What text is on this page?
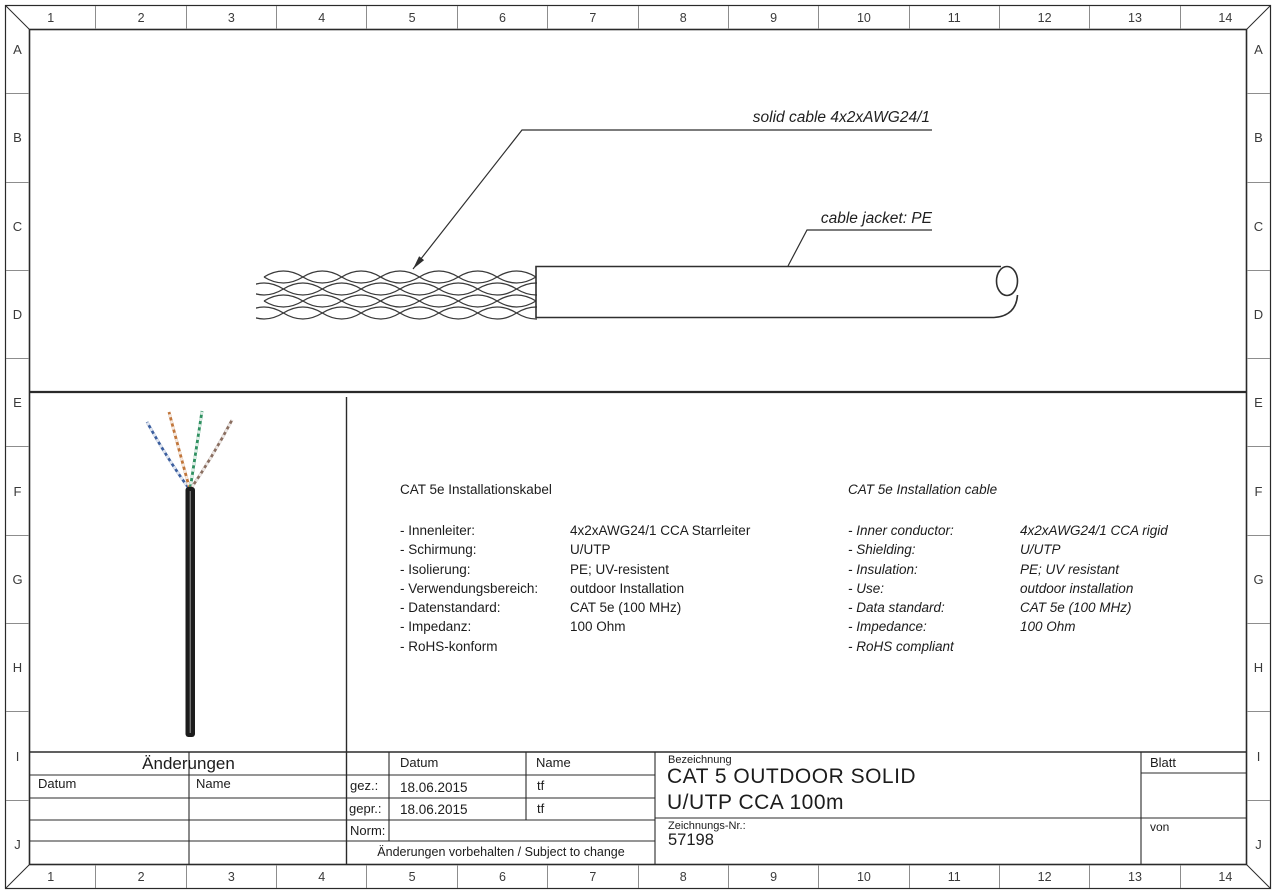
1	2	3	4	5	6	7	8	9	10	11	12	13	14
1	2	3	4	5	6	7	8	9	10	11	12	13	14
A
B
C
D
E
F
G
H
I
J
A
B
C
D
E
F
G
H
I
J
solid cable 4x2xAWG24/1
cable jacket: PE
CAT 5e Installationskabel
- Innenleiter:	4x2xAWG24/1 CCA Starrleiter
- Schirmung:	U/UTP
- Isolierung:	PE; UV-resistent
- Verwendungsbereich:	outdoor Installation
- Datenstandard:	CAT 5e (100 MHz)
- Impedanz:	100 Ohm
- RoHS-konform
CAT 5e Installation cable
- Inner conductor:	4x2xAWG24/1 CCA rigid
- Shielding:	U/UTP
- Insulation:	PE; UV resistant
- Use:	outdoor installation
- Data standard:	CAT 5e (100 MHz)
- Impedance:	100 Ohm
- RoHS compliant
Änderungen
Datum	Name
Datum	Name
gez.: 18.06.2015	tf
gepr.: 18.06.2015	tf
Norm:
Änderungen vorbehalten / Subject to change
Bezeichnung
CAT 5 OUTDOOR SOLID
U/UTP CCA 100m
Zeichnungs-Nr.:
57198
Blatt
von
